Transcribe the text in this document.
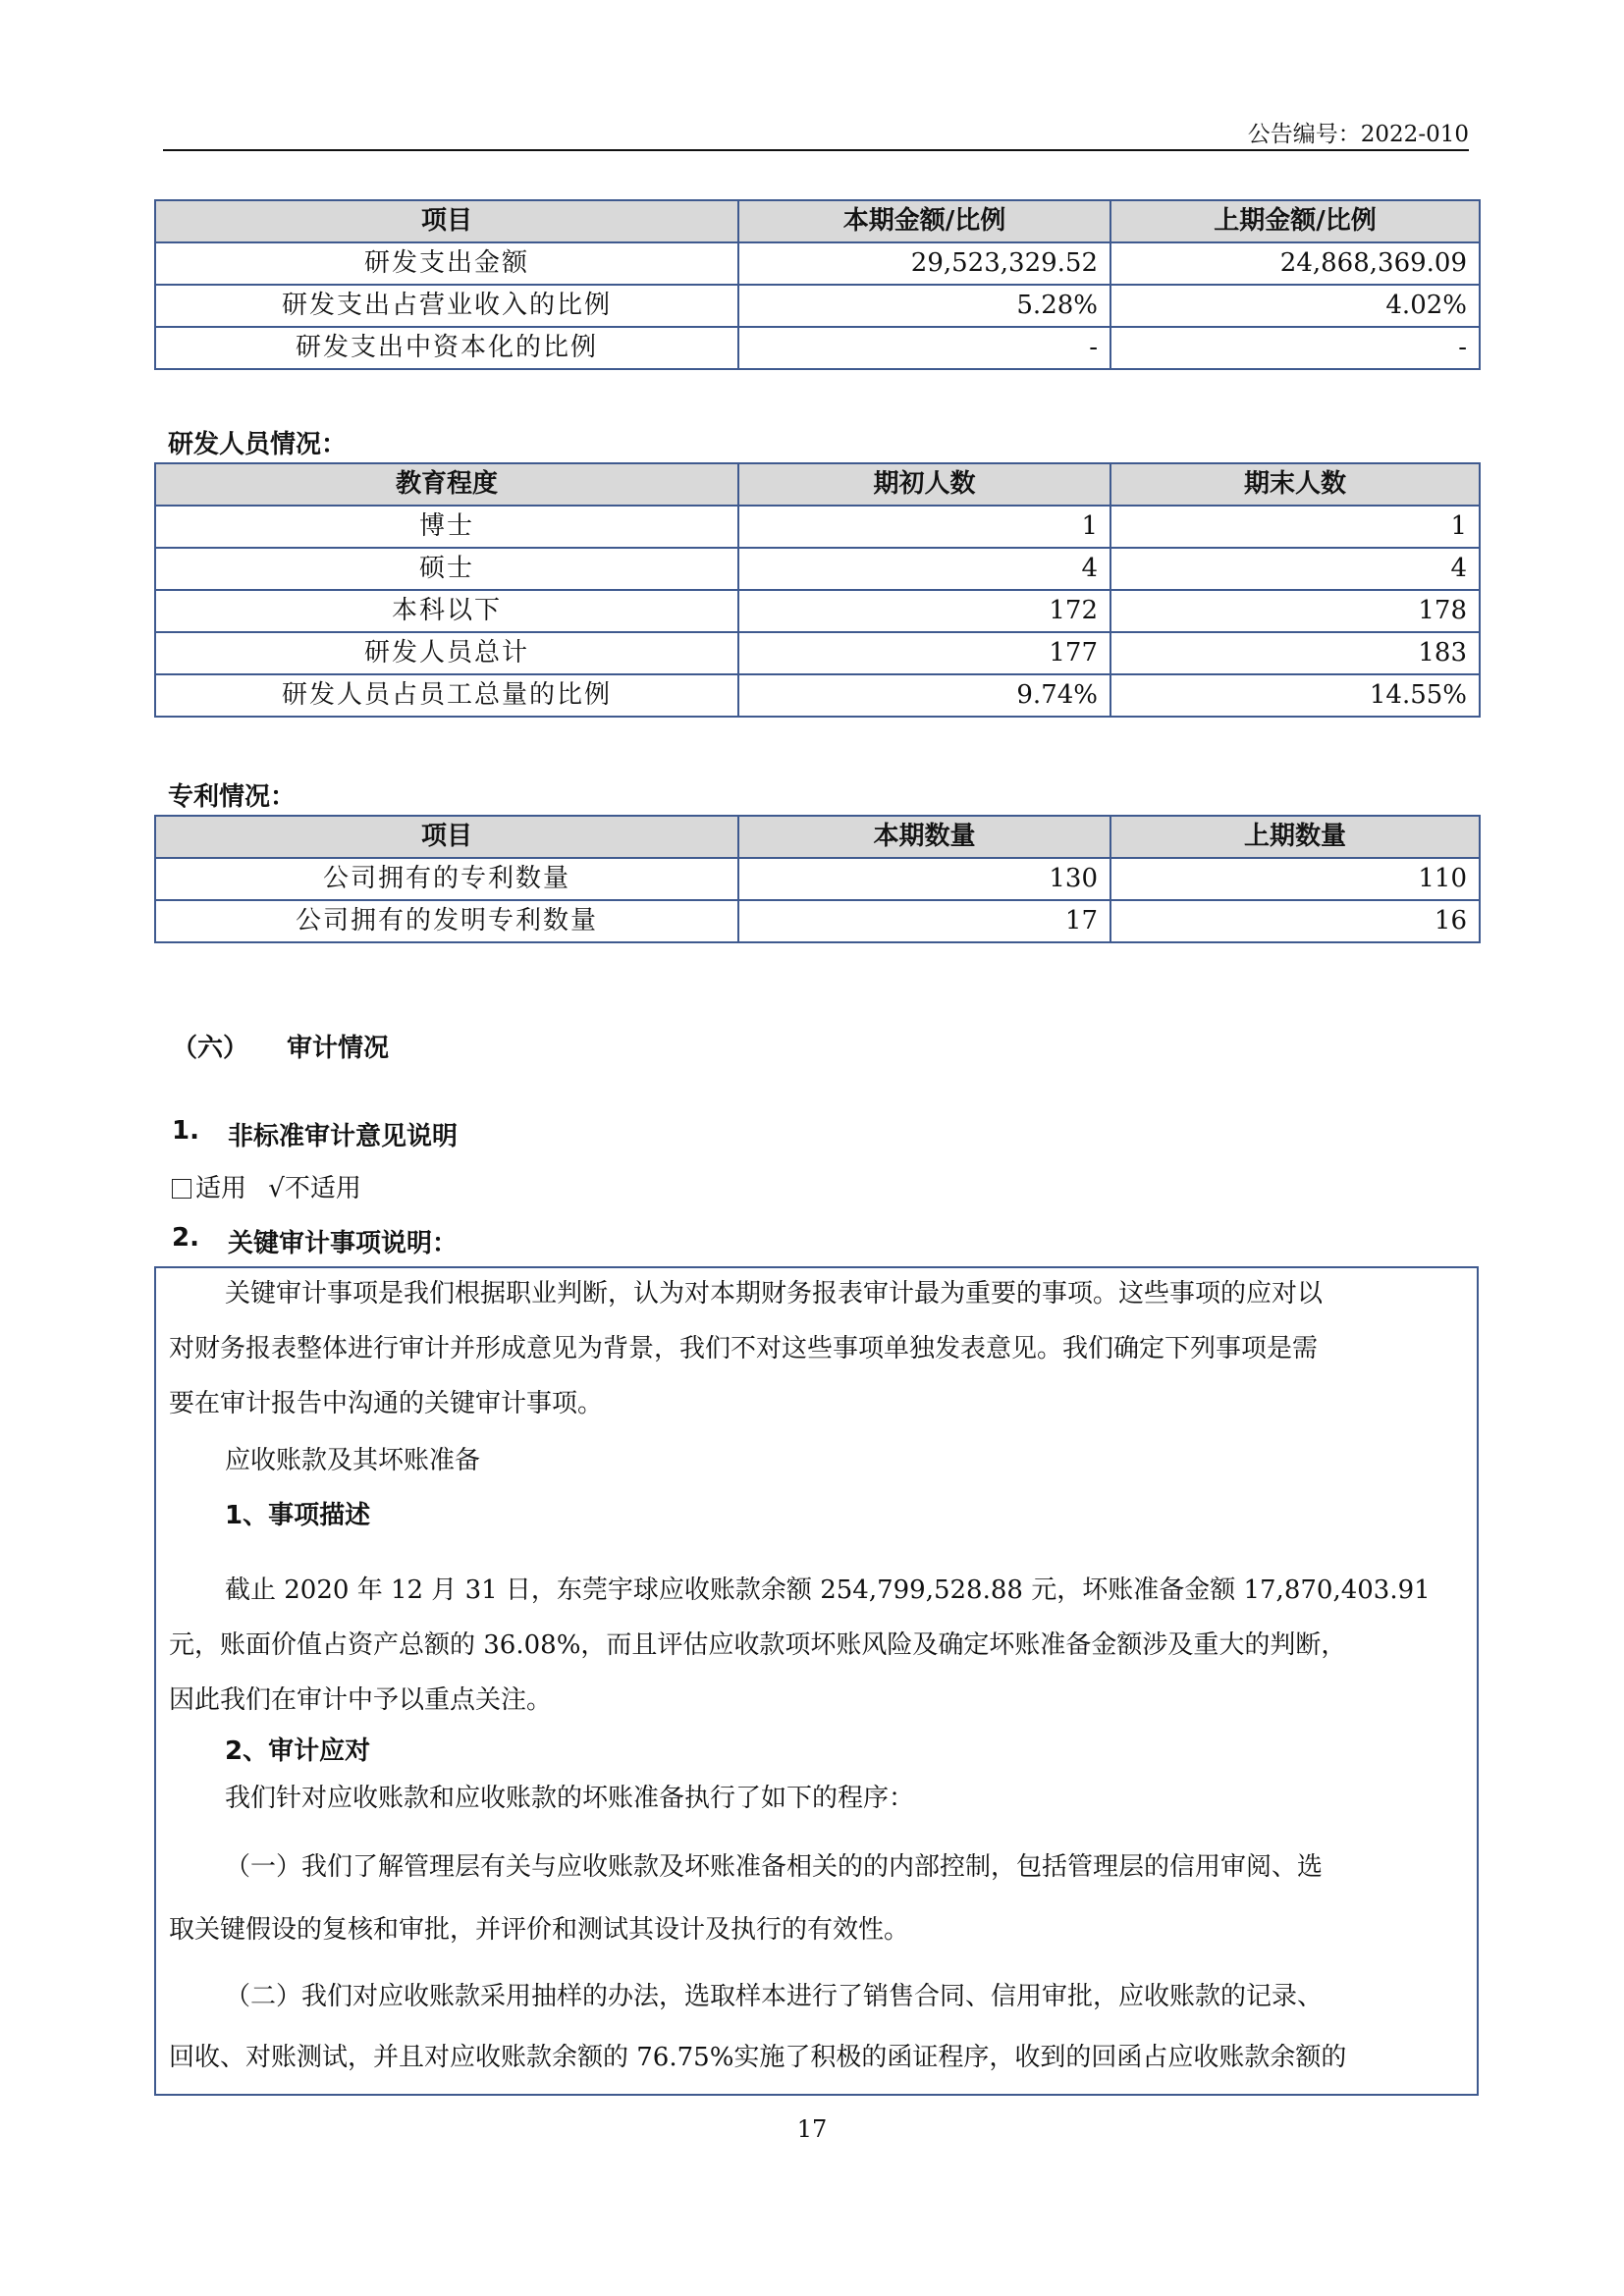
公告编号：2022-010
项目	本期金额/比例	上期金额/比例
研发支出金额	29,523,329.52	24,868,369.09
研发支出占营业收入的比例	5.28%	4.02%
研发支出中资本化的比例	-	-
研发人员情况：
教育程度	期初人数	期末人数
博士	1	1
硕士	4	4
本科以下	172	178
研发人员总计	177	183
研发人员占员工总量的比例	9.74%	14.55%
专利情况：
项目	本期数量	上期数量
公司拥有的专利数量	130	110
公司拥有的发明专利数量	17	16
（六） 审计情况
1. 非标准审计意见说明
适用 √不适用
2. 关键审计事项说明：
关键审计事项是我们根据职业判断，认为对本期财务报表审计最为重要的事项。这些事项的应对以
对财务报表整体进行审计并形成意见为背景，我们不对这些事项单独发表意见。我们确定下列事项是需
要在审计报告中沟通的关键审计事项。
应收账款及其坏账准备
1、事项描述
截止 2020 年 12 月 31 日，东莞宇球应收账款余额 254,799,528.88 元，坏账准备金额 17,870,403.91
元，账面价值占资产总额的 36.08%，而且评估应收款项坏账风险及确定坏账准备金额涉及重大的判断，
因此我们在审计中予以重点关注。
2、审计应对
我们针对应收账款和应收账款的坏账准备执行了如下的程序：
（一）我们了解管理层有关与应收账款及坏账准备相关的的内部控制，包括管理层的信用审阅、选
取关键假设的复核和审批，并评价和测试其设计及执行的有效性。
（二）我们对应收账款采用抽样的办法，选取样本进行了销售合同、信用审批，应收账款的记录、
回收、对账测试，并且对应收账款余额的 76.75%实施了积极的函证程序，收到的回函占应收账款余额的
17
